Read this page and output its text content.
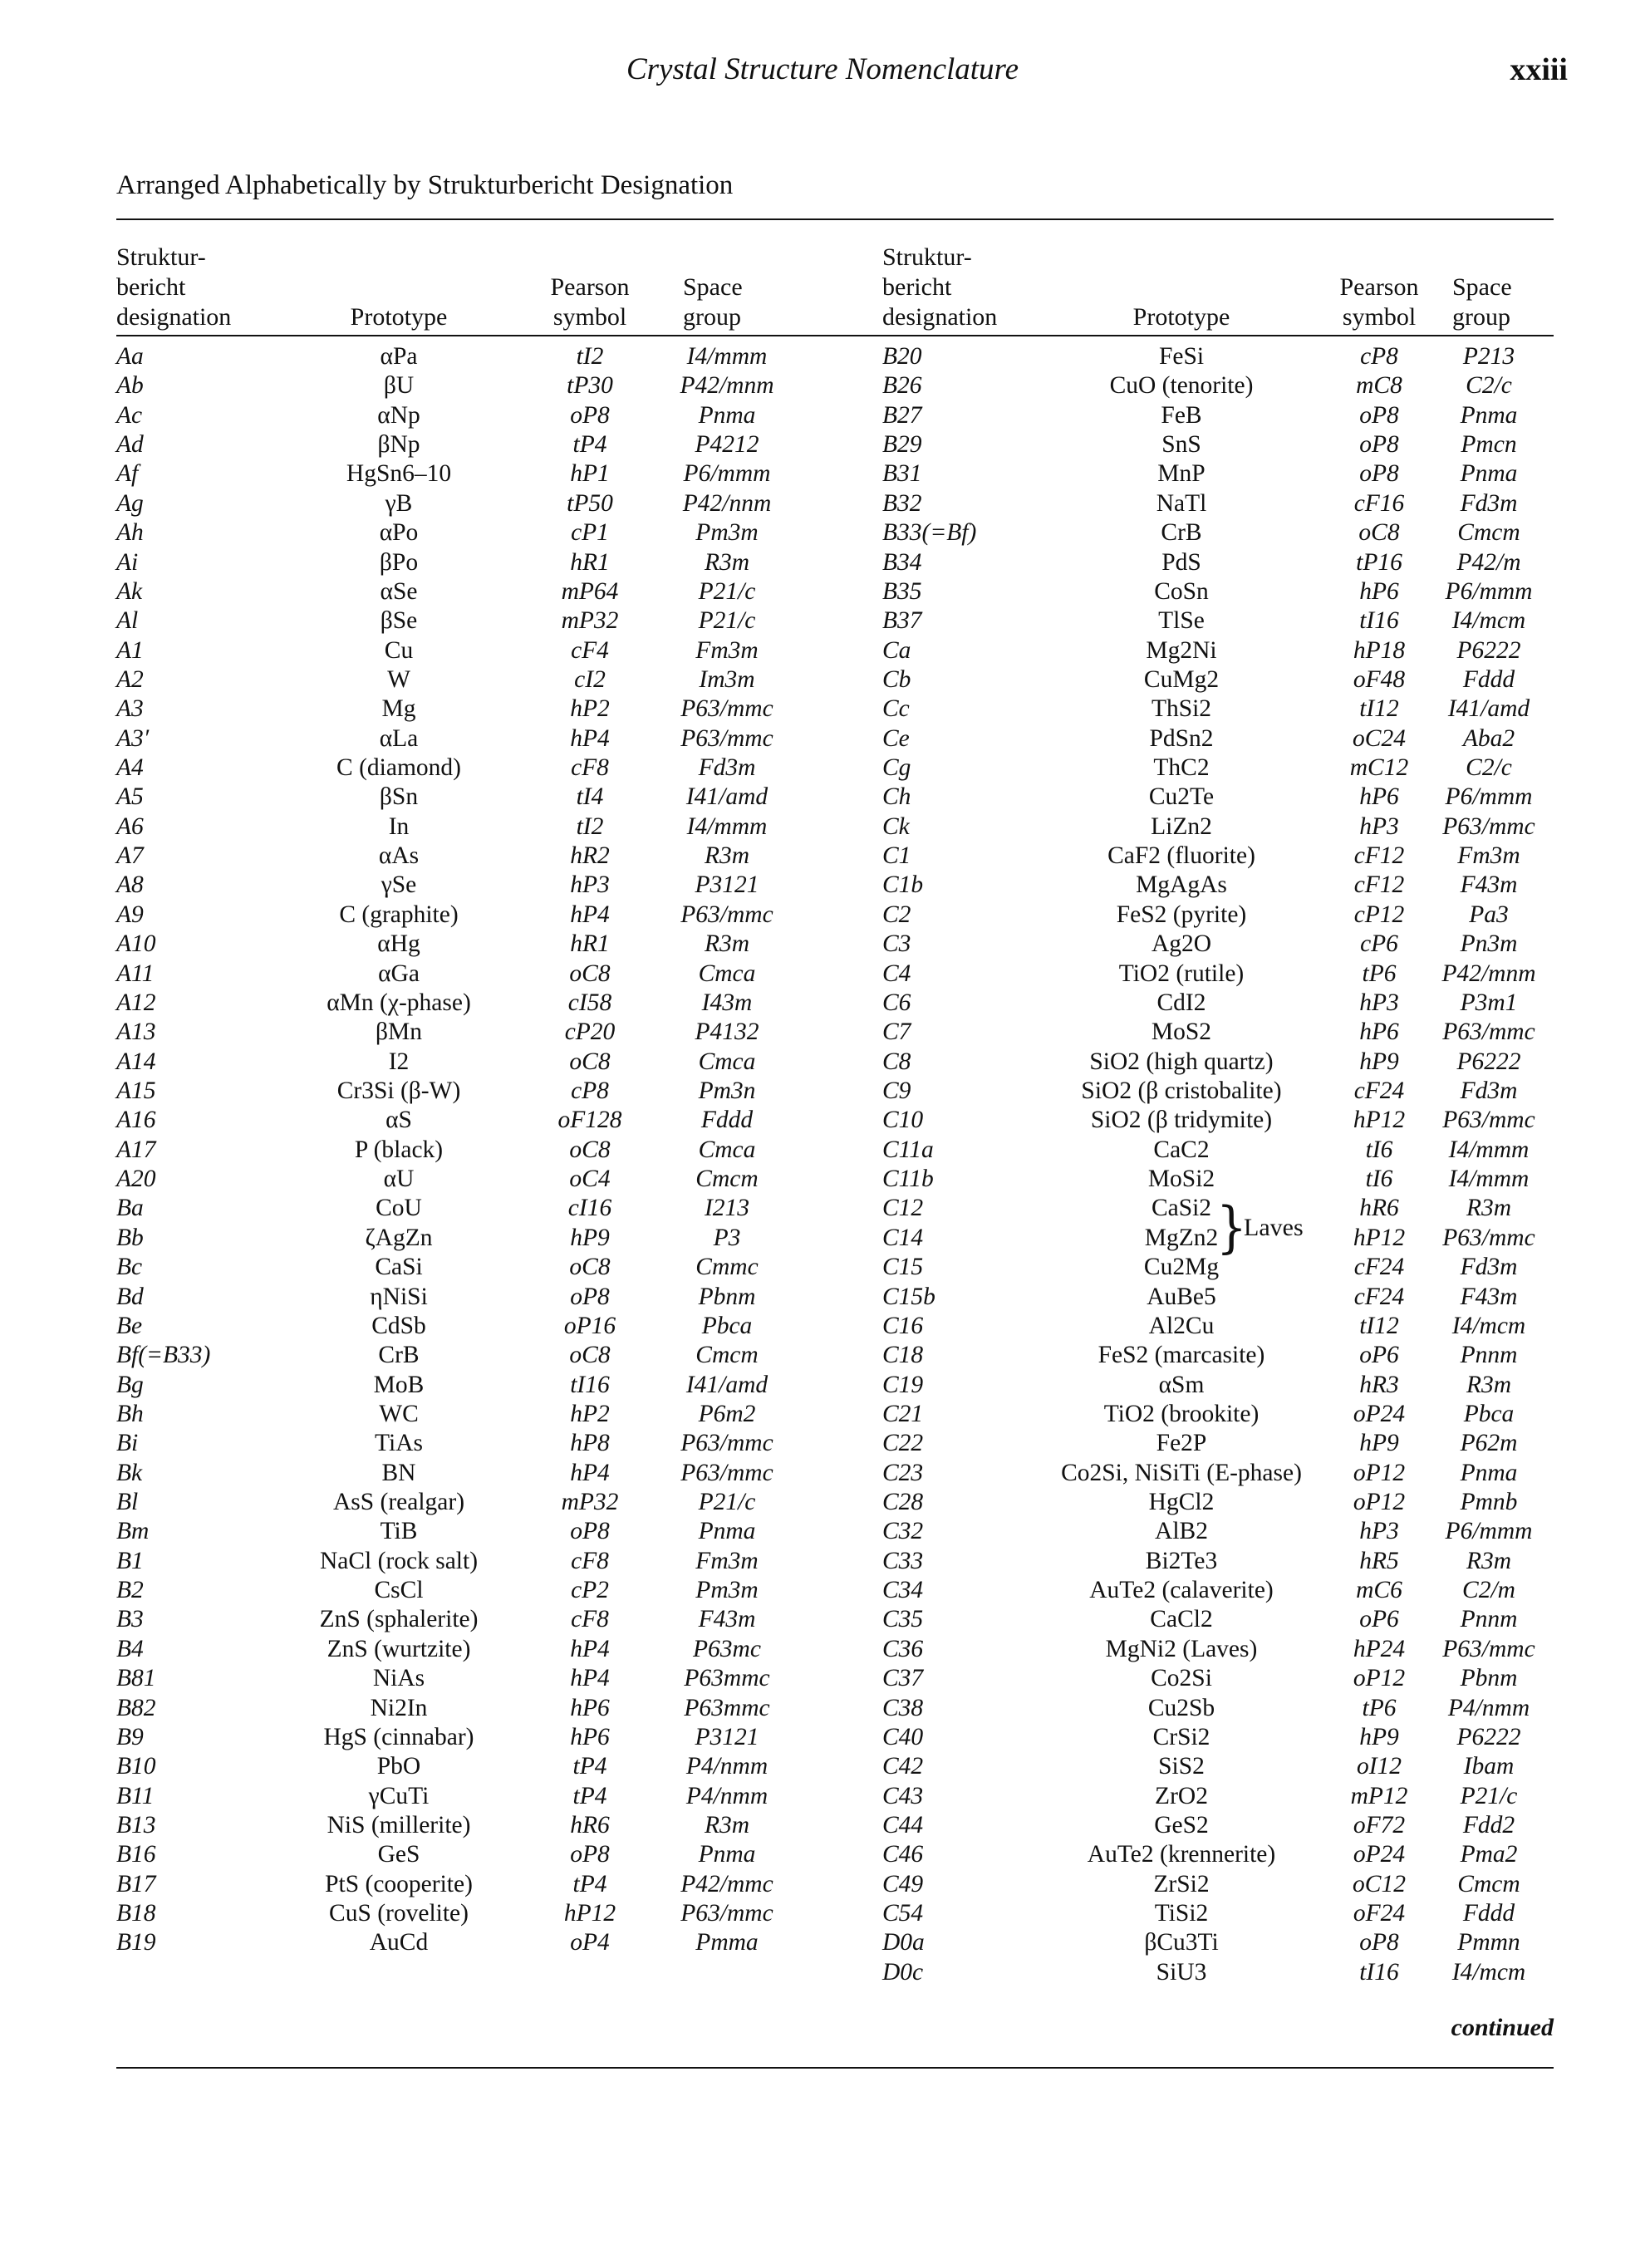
Crystal Structure Nomenclature	xxiii
Arranged Alphabetically by Strukturbericht Designation
Struktur-
bericht
designation	Prototype
Pearson
symbol
Space
group
Aa	αPa	tI2	I4/mmm
Ab	βU	tP30	P42/mnm
Ac	αNp	oP8	Pnma
Ad	βNp	tP4	P4212
Af	HgSn6–10	hP1	P6/mmm
Ag	γB	tP50	P42/nnm
Ah	αPo	cP1	Pm3m
Ai	βPo	hR1	R3m
Ak	αSe	mP64	P21/c
Al	βSe	mP32	P21/c
A1	Cu	cF4	Fm3m
A2	W	cI2	Im3m
A3	Mg	hP2	P63/mmc
A3′	αLa	hP4	P63/mmc
A4	C (diamond)	cF8	Fd3m
A5	βSn	tI4	I41/amd
A6	In	tI2	I4/mmm
A7	αAs	hR2	R3m
A8	γSe	hP3	P3121
A9	C (graphite)	hP4	P63/mmc
A10	αHg	hR1	R3m
A11	αGa	oC8	Cmca
A12	αMn (χ-phase)	cI58	I43m
A13	βMn	cP20	P4132
A14	I2	oC8	Cmca
A15	Cr3Si (β-W)	cP8	Pm3n
A16	αS	oF128	Fddd
A17	P (black)	oC8	Cmca
A20	αU	oC4	Cmcm
Ba	CoU	cI16	I213
Bb	ζAgZn	hP9	P3
Bc	CaSi	oC8	Cmmc
Bd	ηNiSi	oP8	Pbnm
Be	CdSb	oP16	Pbca
Bf(=B33)	CrB	oC8	Cmcm
Bg	MoB	tI16	I41/amd
Bh	WC	hP2	P6m2
Bi	TiAs	hP8	P63/mmc
Bk	BN	hP4	P63/mmc
Bl	AsS (realgar)	mP32	P21/c
Bm	TiB	oP8	Pnma
B1	NaCl (rock salt)	cF8	Fm3m
B2	CsCl	cP2	Pm3m
B3	ZnS (sphalerite)	cF8	F43m
B4	ZnS (wurtzite)	hP4	P63mc
B81	NiAs	hP4	P63mmc
B82	Ni2In	hP6	P63mmc
B9	HgS (cinnabar)	hP6	P3121
B10	PbO	tP4	P4/nmm
B11	γCuTi	tP4	P4/nmm
B13	NiS (millerite)	hR6	R3m
B16	GeS	oP8	Pnma
B17	PtS (cooperite)	tP4	P42/mmc
B18	CuS (rovelite)	hP12	P63/mmc
B19	AuCd	oP4	Pmma
Struktur-
bericht
designation	Prototype
Pearson
symbol
Space
group
B20	FeSi	cP8	P213
B26	CuO (tenorite)	mC8	C2/c
B27	FeB	oP8	Pnma
B29	SnS	oP8	Pmcn
B31	MnP	oP8	Pnma
B32	NaTl	cF16	Fd3m
B33(=Bf)	CrB	oC8	Cmcm
B34	PdS	tP16	P42/m
B35	CoSn	hP6	P6/mmm
B37	TlSe	tI16	I4/mcm
Ca	Mg2Ni	hP18	P6222
Cb	CuMg2	oF48	Fddd
Cc	ThSi2	tI12	I41/amd
Ce	PdSn2	oC24	Aba2
Cg	ThC2	mC12	C2/c
Ch	Cu2Te	hP6	P6/mmm
Ck	LiZn2	hP3	P63/mmc
C1	CaF2 (fluorite)	cF12	Fm3m
C1b	MgAgAs	cF12	F43m
C2	FeS2 (pyrite)	cP12	Pa3
C3	Ag2O	cP6	Pn3m
C4	TiO2 (rutile)	tP6	P42/mnm
C6	CdI2	hP3	P3m1
C7	MoS2	hP6	P63/mmc
C8	SiO2 (high quartz)	hP9	P6222
C9	SiO2 (β cristobalite)	cF24	Fd3m
C10	SiO2 (β tridymite)	hP12	P63/mmc
C11a	CaC2	tI6	I4/mmm
C11b	MoSi2	tI6	I4/mmm
C12	CaSi2	hR6	R3m
C14	MgZn2	hP12	P63/mmc
C15	Cu2Mg	cF24	Fd3m
C15b	AuBe5	cF24	F43m
C16	Al2Cu	tI12	I4/mcm
C18	FeS2 (marcasite)	oP6	Pnnm
C19	αSm	hR3	R3m
C21	TiO2 (brookite)	oP24	Pbca
C22	Fe2P	hP9	P62m
C23	Co2Si, NiSiTi (E-phase)	oP12	Pnma
C28	HgCl2	oP12	Pmnb
C32	AlB2	hP3	P6/mmm
C33	Bi2Te3	hR5	R3m
C34	AuTe2 (calaverite)	mC6	C2/m
C35	CaCl2	oP6	Pnnm
C36	MgNi2 (Laves)	hP24	P63/mmc
C37	Co2Si	oP12	Pbnm
C38	Cu2Sb	tP6	P4/nmm
C40	CrSi2	hP9	P6222
C42	SiS2	oI12	Ibam
C43	ZrO2	mP12	P21/c
C44	GeS2	oF72	Fdd2
C46	AuTe2 (krennerite)	oP24	Pma2
C49	ZrSi2	oC12	Cmcm
C54	TiSi2	oF24	Fddd
D0a	βCu3Ti	oP8	Pmmn
D0c	SiU3	tI16	I4/mcm
}
Laves
continued
